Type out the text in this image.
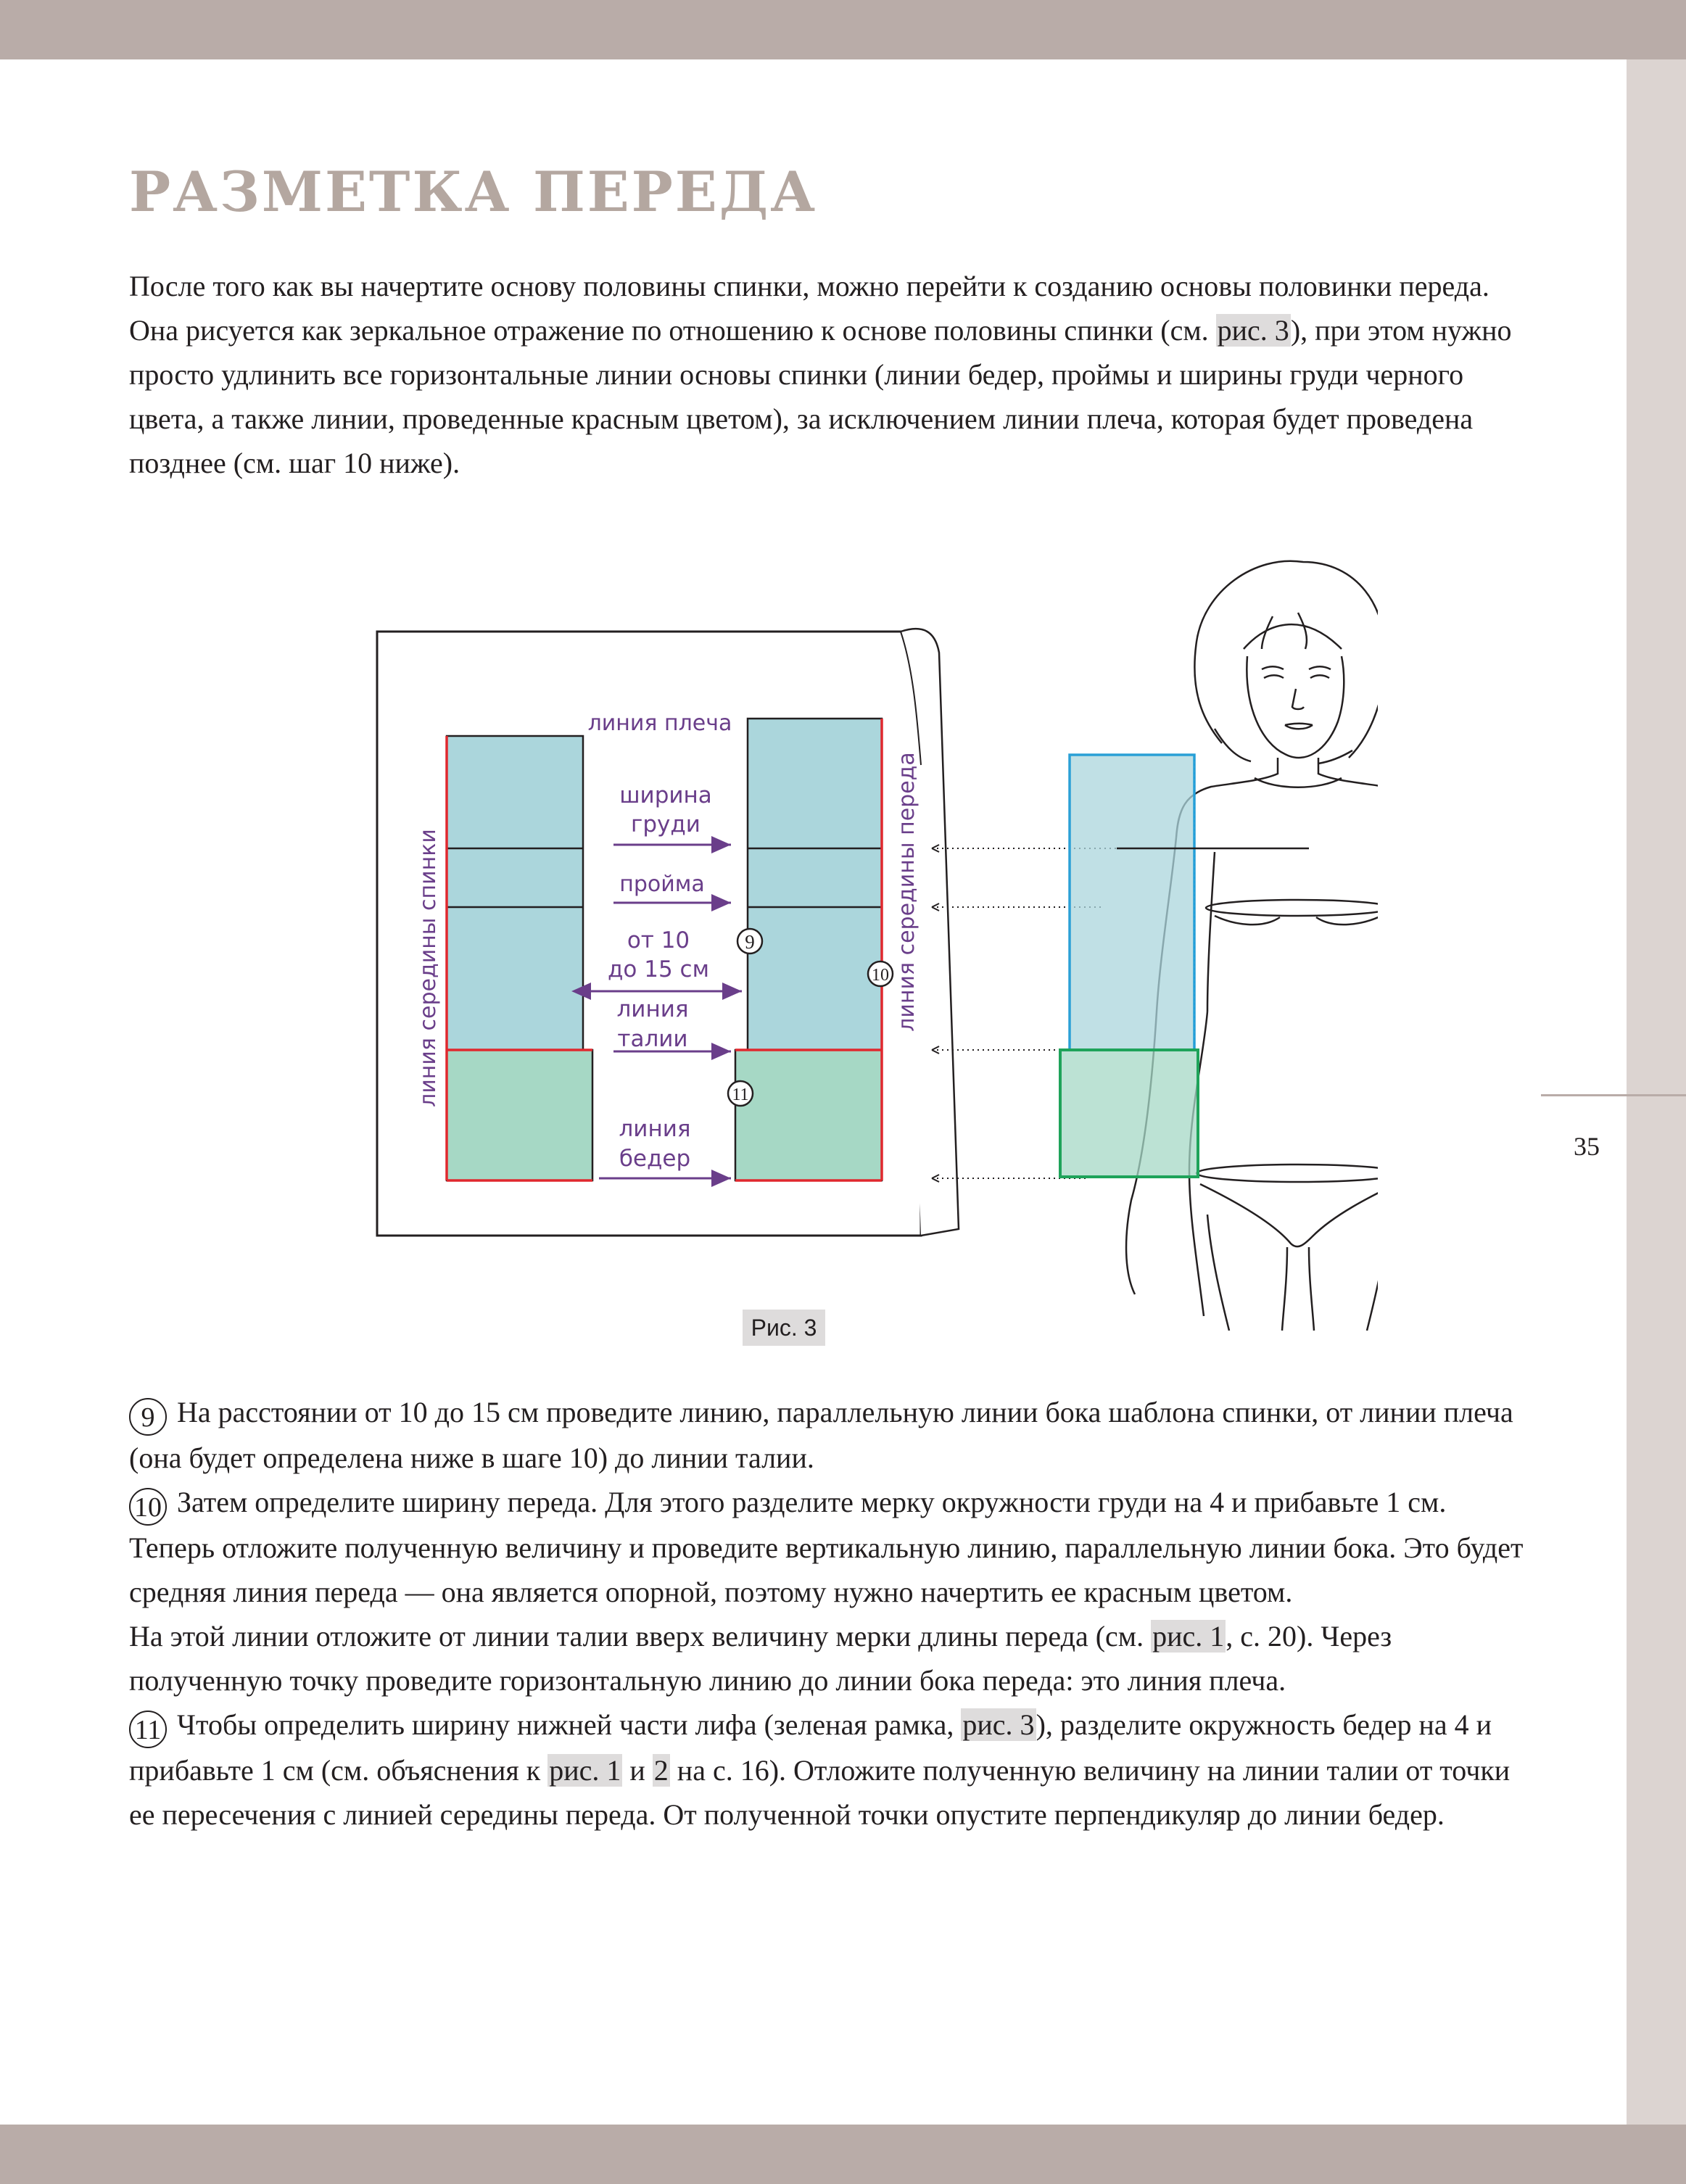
35
РАЗМЕТКА ПЕРЕДА

После того как вы начертите основу половины спинки, можно перейти к созданию основы половинки переда. Она рисуется как зеркальное отражение по отношению к основе половины спинки (см. рис. 3), при этом нужно просто удлинить все горизонтальные линии основы спинки (линии бедер, проймы и ширины груди черного цвета, а также линии, проведенные красным цветом), за исключением линии плеча, которая будет проведена позднее (см. шаг 10 ниже).

линия плеча
ширина
груди
пройма
от 10
до 15 см
линия
талии
линия
бедер
линия середины спинки	линия середины переда
9
10
11
Рис. 3

9 На расстоянии от 10 до 15 см проведите линию, параллельную линии бока шаблона спинки, от линии плеча (она будет определена ниже в шаге 10) до линии талии.

10 Затем определите ширину переда. Для этого разделите мерку окружности груди на 4 и прибавьте 1 см.

Теперь отложите полученную величину и проведите вертикальную линию, параллельную линии бока. Это будет средняя линия переда — она является опорной, поэтому нужно начертить ее красным цветом.

На этой линии отложите от линии талии вверх величину мерки длины переда (см. рис. 1, с. 20). Через полученную точку проведите горизонтальную линию до линии бока переда: это линия плеча.

11 Чтобы определить ширину нижней части лифа (зеленая рамка, рис. 3), разделите окружность бедер на 4 и прибавьте 1 см (см. объяснения к рис. 1 и 2 на с. 16). Отложите полученную величину на линии талии от точки ее пересечения с линией середины переда. От полученной точки опустите перпендикуляр до линии бедер.
